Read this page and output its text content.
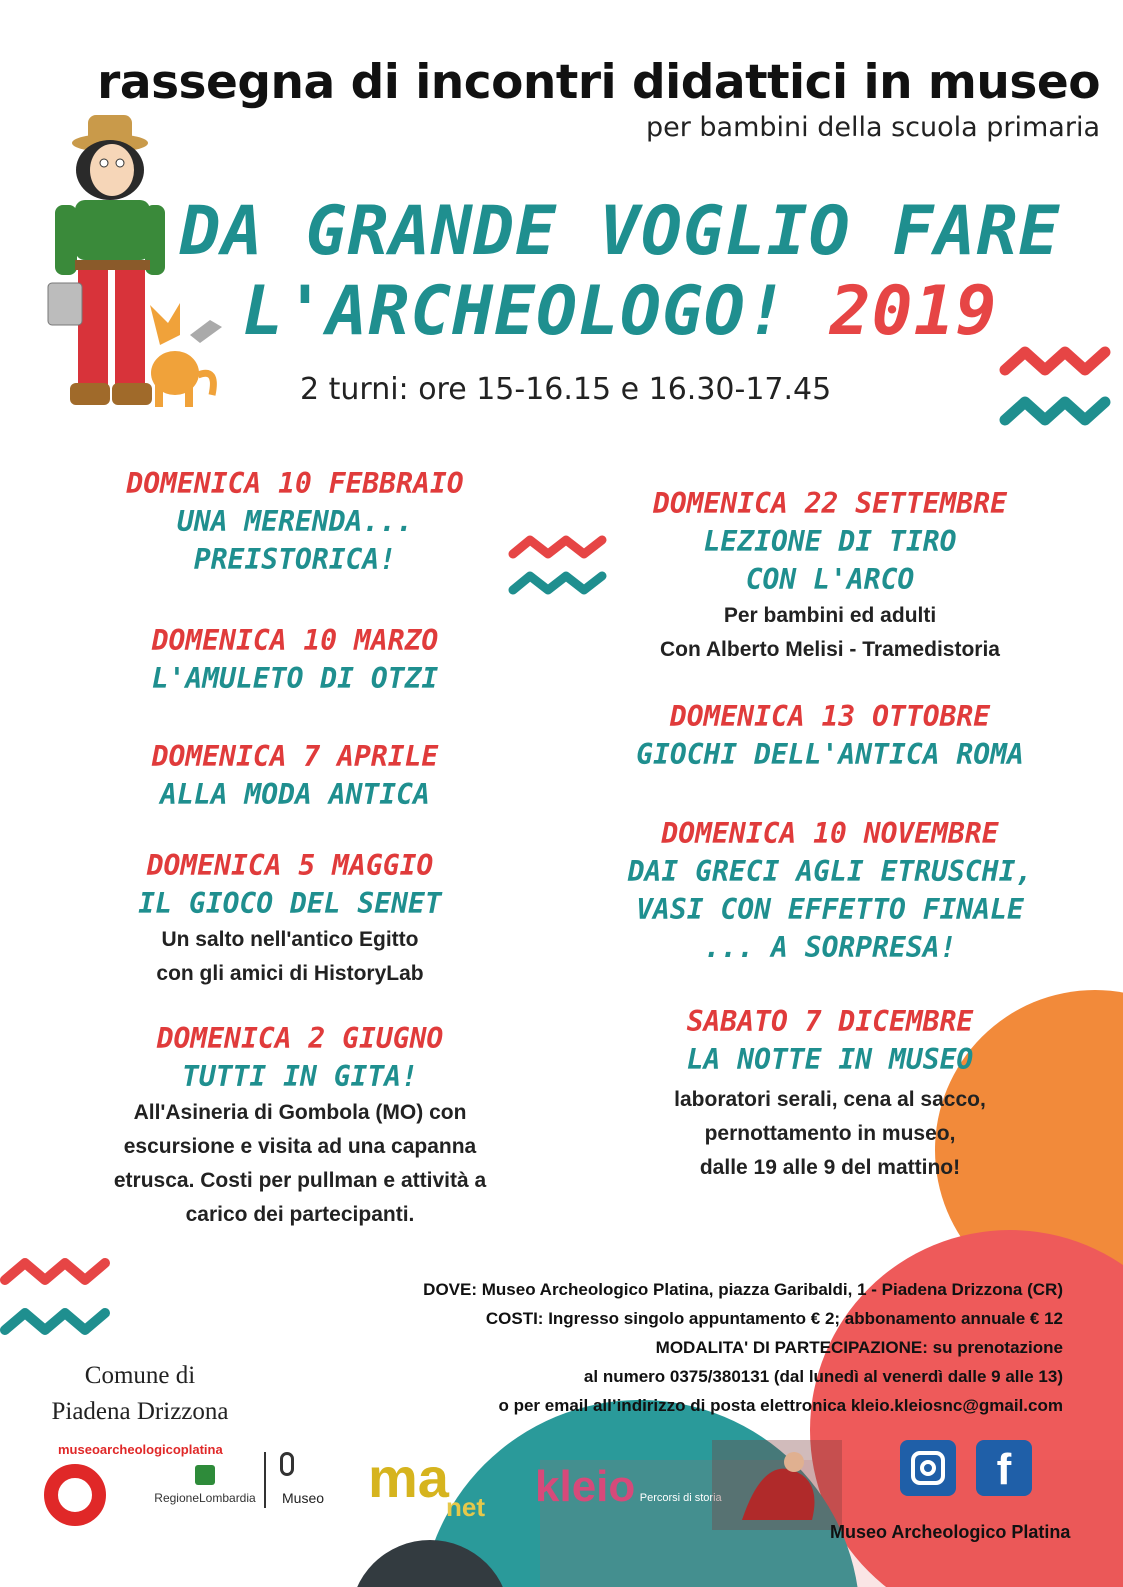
rassegna di incontri didattici in museo
per bambini della scuola primaria
DA GRANDE VOGLIO FARE
L'ARCHEOLOGO! 2019
2 turni: ore 15-16.15 e 16.30-17.45
DOMENICA 10 FEBBRAIO
UNA MERENDA...
PREISTORICA!
DOMENICA 10 MARZO
L'AMULETO DI OTZI
DOMENICA 7 APRILE
ALLA MODA ANTICA
DOMENICA 5 MAGGIO
IL GIOCO DEL SENET
Un salto nell'antico Egitto
con gli amici di HistoryLab
DOMENICA 2 GIUGNO
TUTTI IN GITA!
All'Asineria di Gombola (MO) con
escursione e visita ad una capanna
etrusca. Costi per pullman e attività a
carico dei partecipanti.
DOMENICA 22 SETTEMBRE
LEZIONE DI TIRO
CON L'ARCO
Per bambini ed adulti
Con Alberto Melisi - Tramedistoria
DOMENICA 13 OTTOBRE
GIOCHI DELL'ANTICA ROMA
DOMENICA 10 NOVEMBRE
DAI GRECI AGLI ETRUSCHI,
VASI CON EFFETTO FINALE
... A SORPRESA!
SABATO 7 DICEMBRE
LA NOTTE IN MUSEO
laboratori serali, cena al sacco,
pernottamento in museo,
dalle 19 alle 9 del mattino!
DOVE: Museo Archeologico Platina, piazza Garibaldi, 1 - Piadena Drizzona (CR)
COSTI: Ingresso singolo appuntamento € 2; abbonamento annuale € 12
MODALITA' DI PARTECIPAZIONE: su prenotazione
al numero 0375/380131 (dal lunedì al venerdì dalle 9 alle 13)
o per email all’indirizzo di posta elettronica kleio.kleiosnc@gmail.com
Comune di
Piadena Drizzona
museoarcheologicoplatina
RegioneLombardia	Museo ma
net kleio Percorsi di storia
f
Museo Archeologico Platina
